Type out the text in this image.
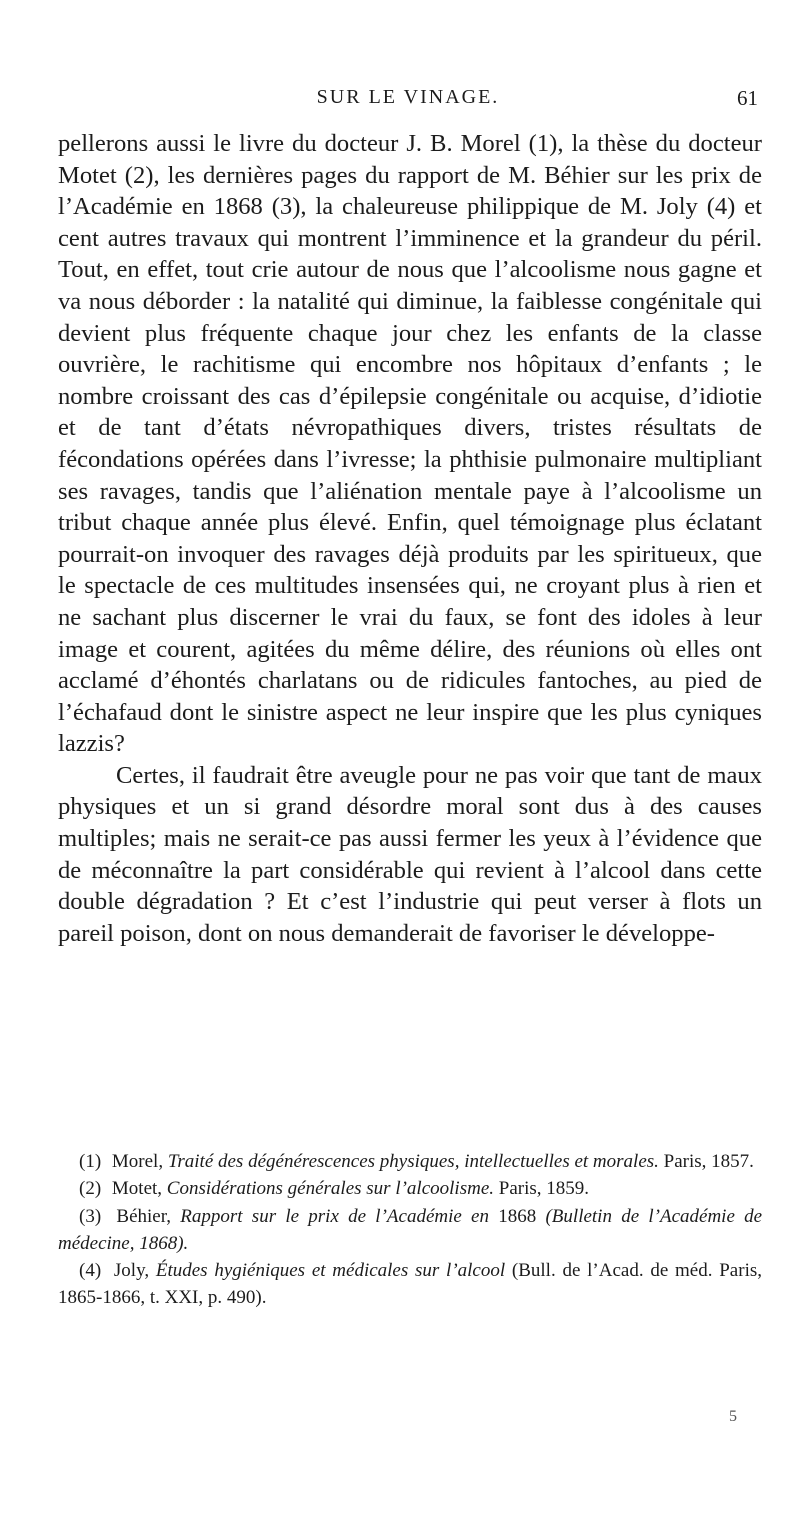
SUR LE VINAGE.	61

pellerons aussi le livre du docteur J. B. Morel (1), la thèse du docteur Motet (2), les dernières pages du rapport de M. Béhier sur les prix de l’Académie en 1868 (3), la chaleureuse philippique de M. Joly (4) et cent autres travaux qui montrent l’imminence et la grandeur du péril. Tout, en effet, tout crie autour de nous que l’alcoolisme nous gagne et va nous déborder : la natalité qui diminue, la faiblesse congénitale qui devient plus fréquente chaque jour chez les enfants de la classe ouvrière, le rachitisme qui encombre nos hôpitaux d’enfants ; le nombre croissant des cas d’épilepsie congénitale ou acquise, d’idiotie et de tant d’états névropathiques divers, tristes résultats de fécondations opérées dans l’ivresse; la phthisie pulmonaire multipliant ses ravages, tandis que l’aliénation mentale paye à l’alcoolisme un tribut chaque année plus élevé. Enfin, quel témoignage plus éclatant pourrait-on invoquer des ravages déjà produits par les spiritueux, que le spectacle de ces multitudes insensées qui, ne croyant plus à rien et ne sachant plus discerner le vrai du faux, se font des idoles à leur image et courent, agitées du même délire, des réunions où elles ont acclamé d’éhontés charlatans ou de ridicules fantoches, au pied de l’échafaud dont le sinistre aspect ne leur inspire que les plus cyniques lazzis?

Certes, il faudrait être aveugle pour ne pas voir que tant de maux physiques et un si grand désordre moral sont dus à des causes multiples; mais ne serait-ce pas aussi fermer les yeux à l’évidence que de méconnaître la part considérable qui revient à l’alcool dans cette double dégradation ? Et c’est l’industrie qui peut verser à flots un pareil poison, dont on nous demanderait de favoriser le développe-

(1) Morel, Traité des dégénérescences physiques, intellectuelles et morales. Paris, 1857.

(2) Motet, Considérations générales sur l’alcoolisme. Paris, 1859.

(3) Béhier, Rapport sur le prix de l’Académie en 1868 (Bulletin de l’Académie de médecine, 1868).

(4) Joly, Études hygiéniques et médicales sur l’alcool (Bull. de l’Acad. de méd. Paris, 1865-1866, t. XXI, p. 490).

5
